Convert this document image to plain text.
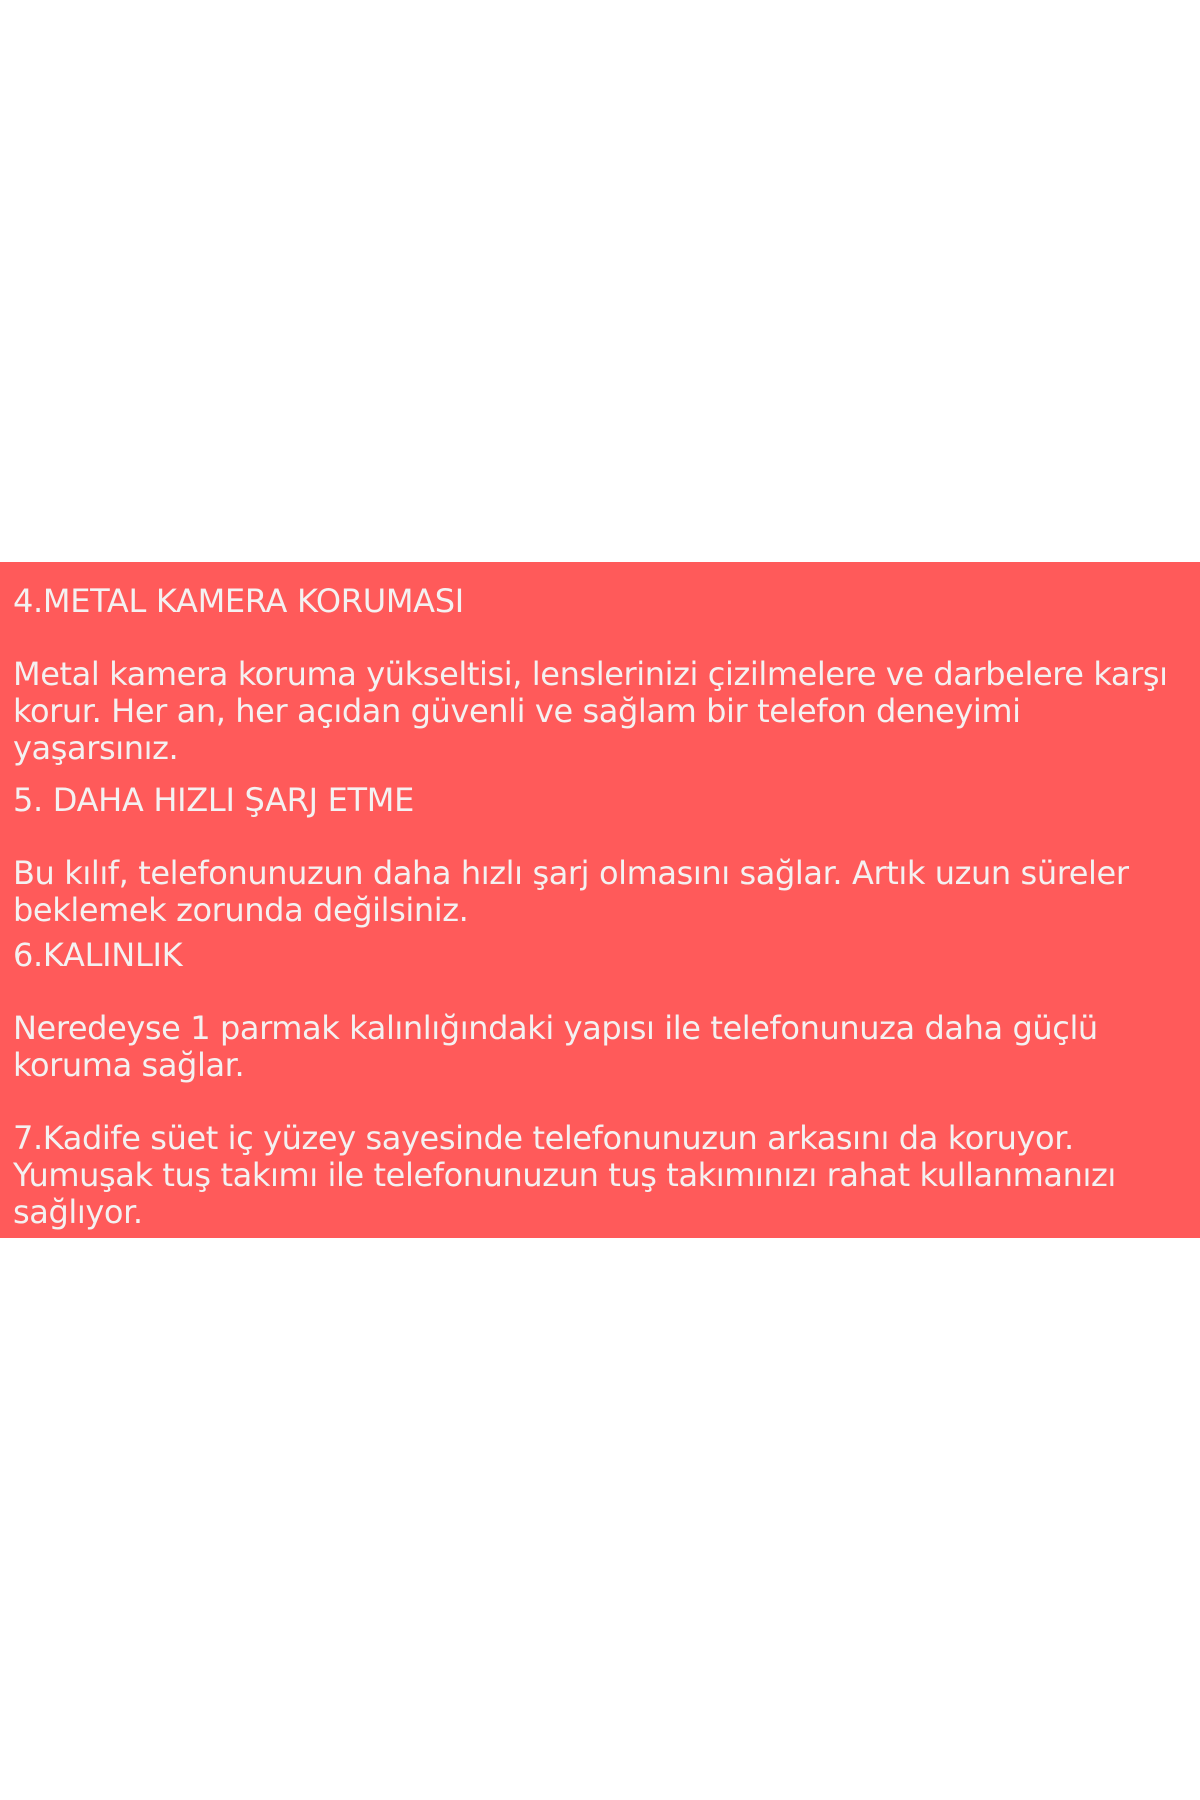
4.METAL KAMERA KORUMASI

Metal kamera koruma yükseltisi, lenslerinizi çizilmelere ve darbelere karşı korur. Her an, her açıdan güvenli ve sağlam bir telefon deneyimi yaşarsınız.

5. DAHA HIZLI ŞARJ ETME

Bu kılıf, telefonunuzun daha hızlı şarj olmasını sağlar. Artık uzun süreler beklemek zorunda değilsiniz.

6.KALINLIK

Neredeyse 1 parmak kalınlığındaki yapısı ile telefonunuza daha güçlü koruma sağlar.

7.Kadife süet iç yüzey sayesinde telefonunuzun arkasını da koruyor. Yumuşak tuş takımı ile telefonunuzun tuş takımınızı rahat kullanmanızı sağlıyor.
